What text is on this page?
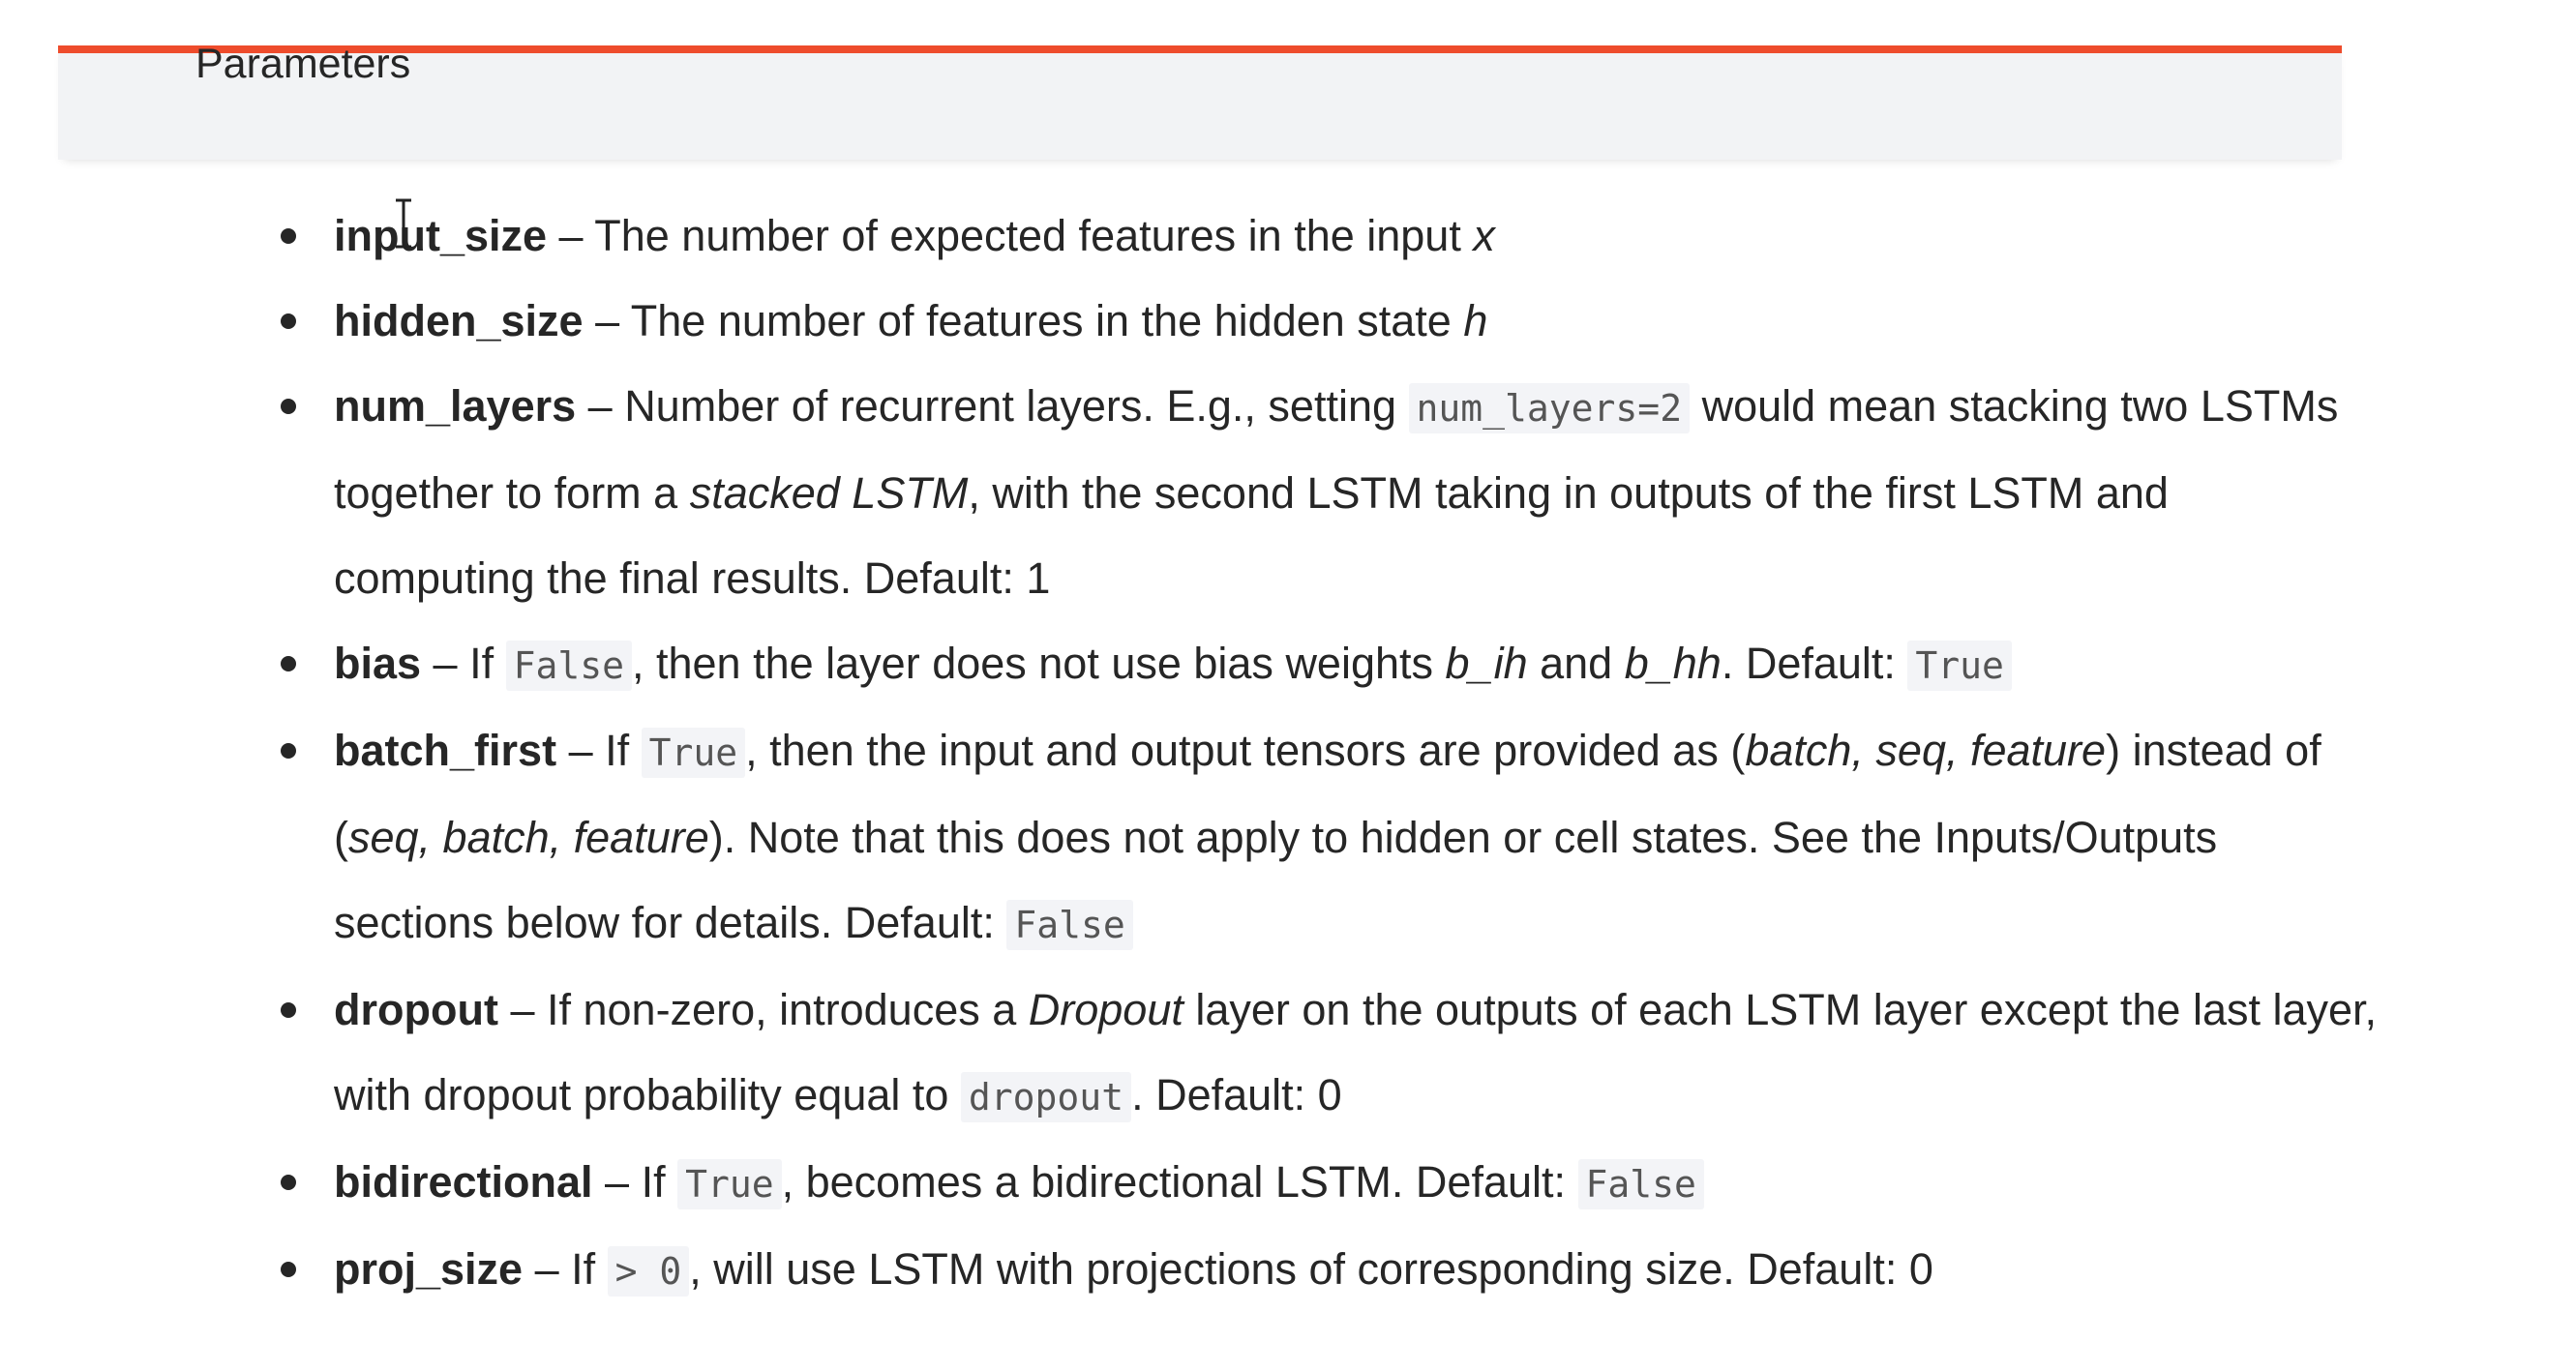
Parameters
input_size – The number of expected features in the input x
hidden_size – The number of features in the hidden state h
num_layers – Number of recurrent layers. E.g., setting num_layers=2 would mean stacking two LSTMs together to form a stacked LSTM, with the second LSTM taking in outputs of the first LSTM and computing the final results. Default: 1
bias – If False , then the layer does not use bias weights b_ih and b_hh. Default: True
batch_first – If True , then the input and output tensors are provided as (batch, seq, feature) instead of (seq, batch, feature). Note that this does not apply to hidden or cell states. See the Inputs/Outputs sections below for details. Default: False
dropout – If non-zero, introduces a Dropout layer on the outputs of each LSTM layer except the last layer, with dropout probability equal to dropout . Default: 0
bidirectional – If True , becomes a bidirectional LSTM. Default: False
proj_size – If > 0 , will use LSTM with projections of corresponding size. Default: 0
